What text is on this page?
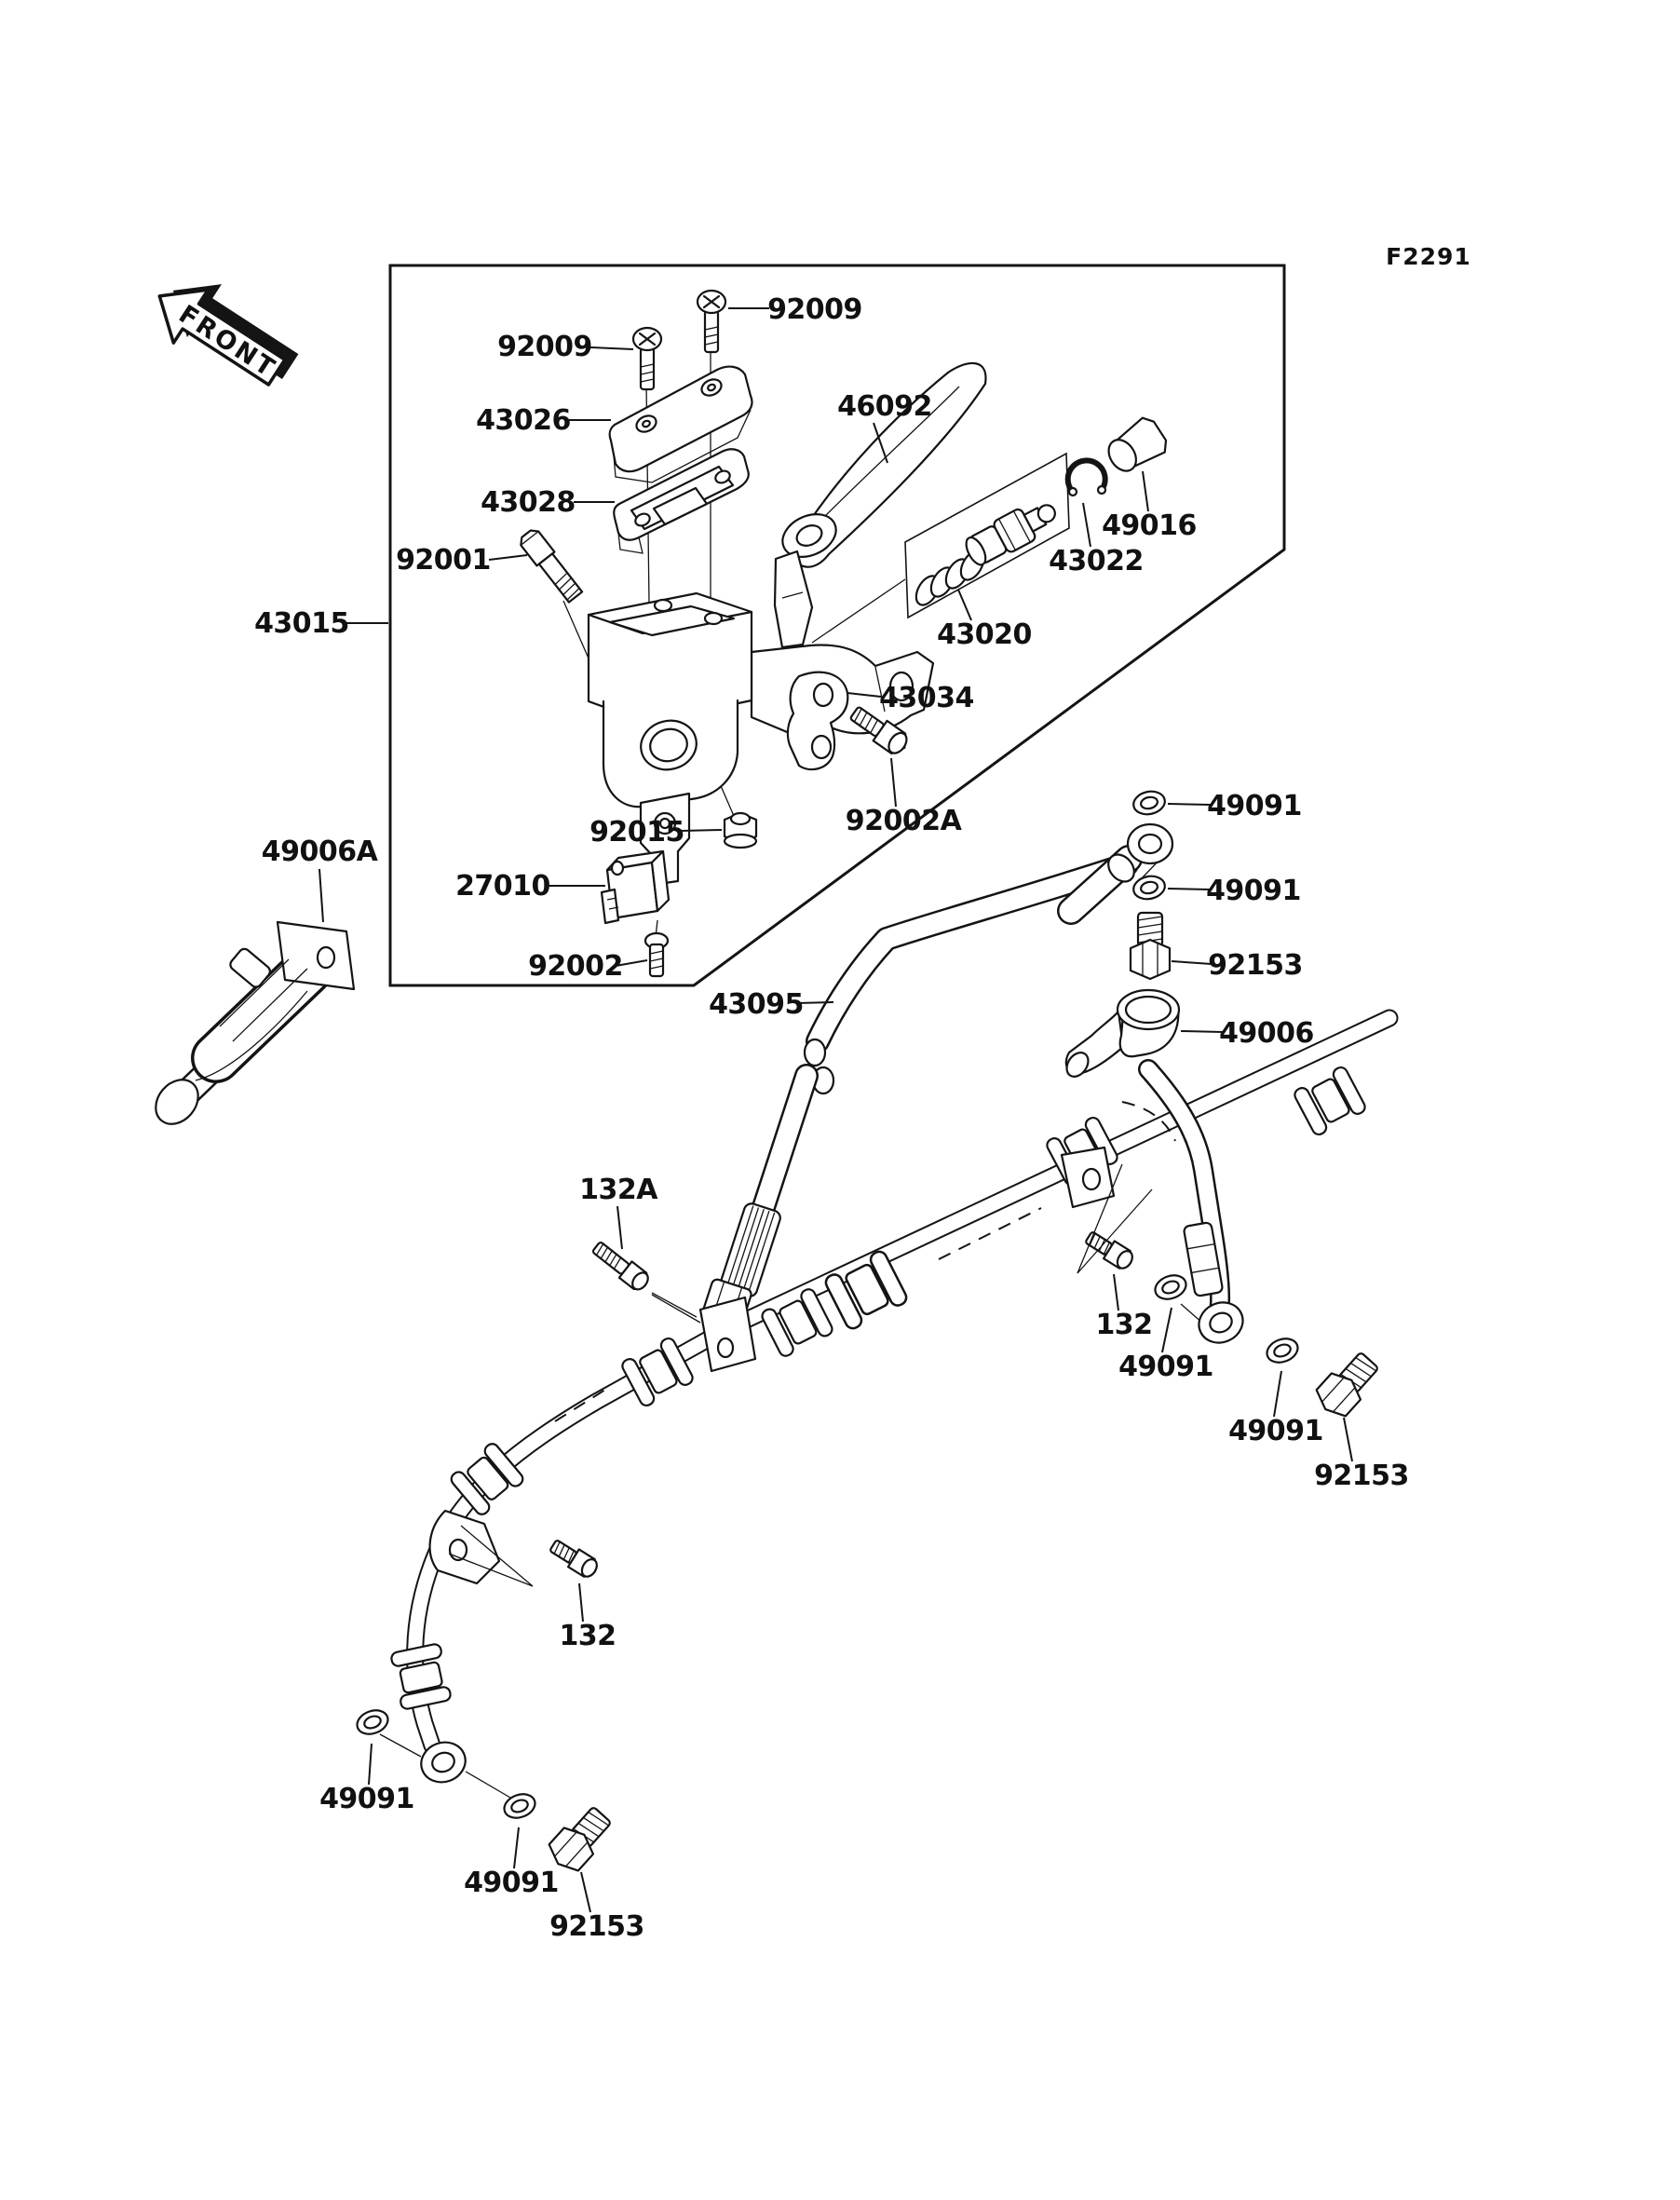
FRONT
F2291
92009
92009
43026	46092
43028
92001
49016
43022
43015	43020
43034
92002A
92015
27010
92002
43095
49006A
49091
49091
92153
49006
132A
132
49091
49091
92153
132
49091
49091
92153
